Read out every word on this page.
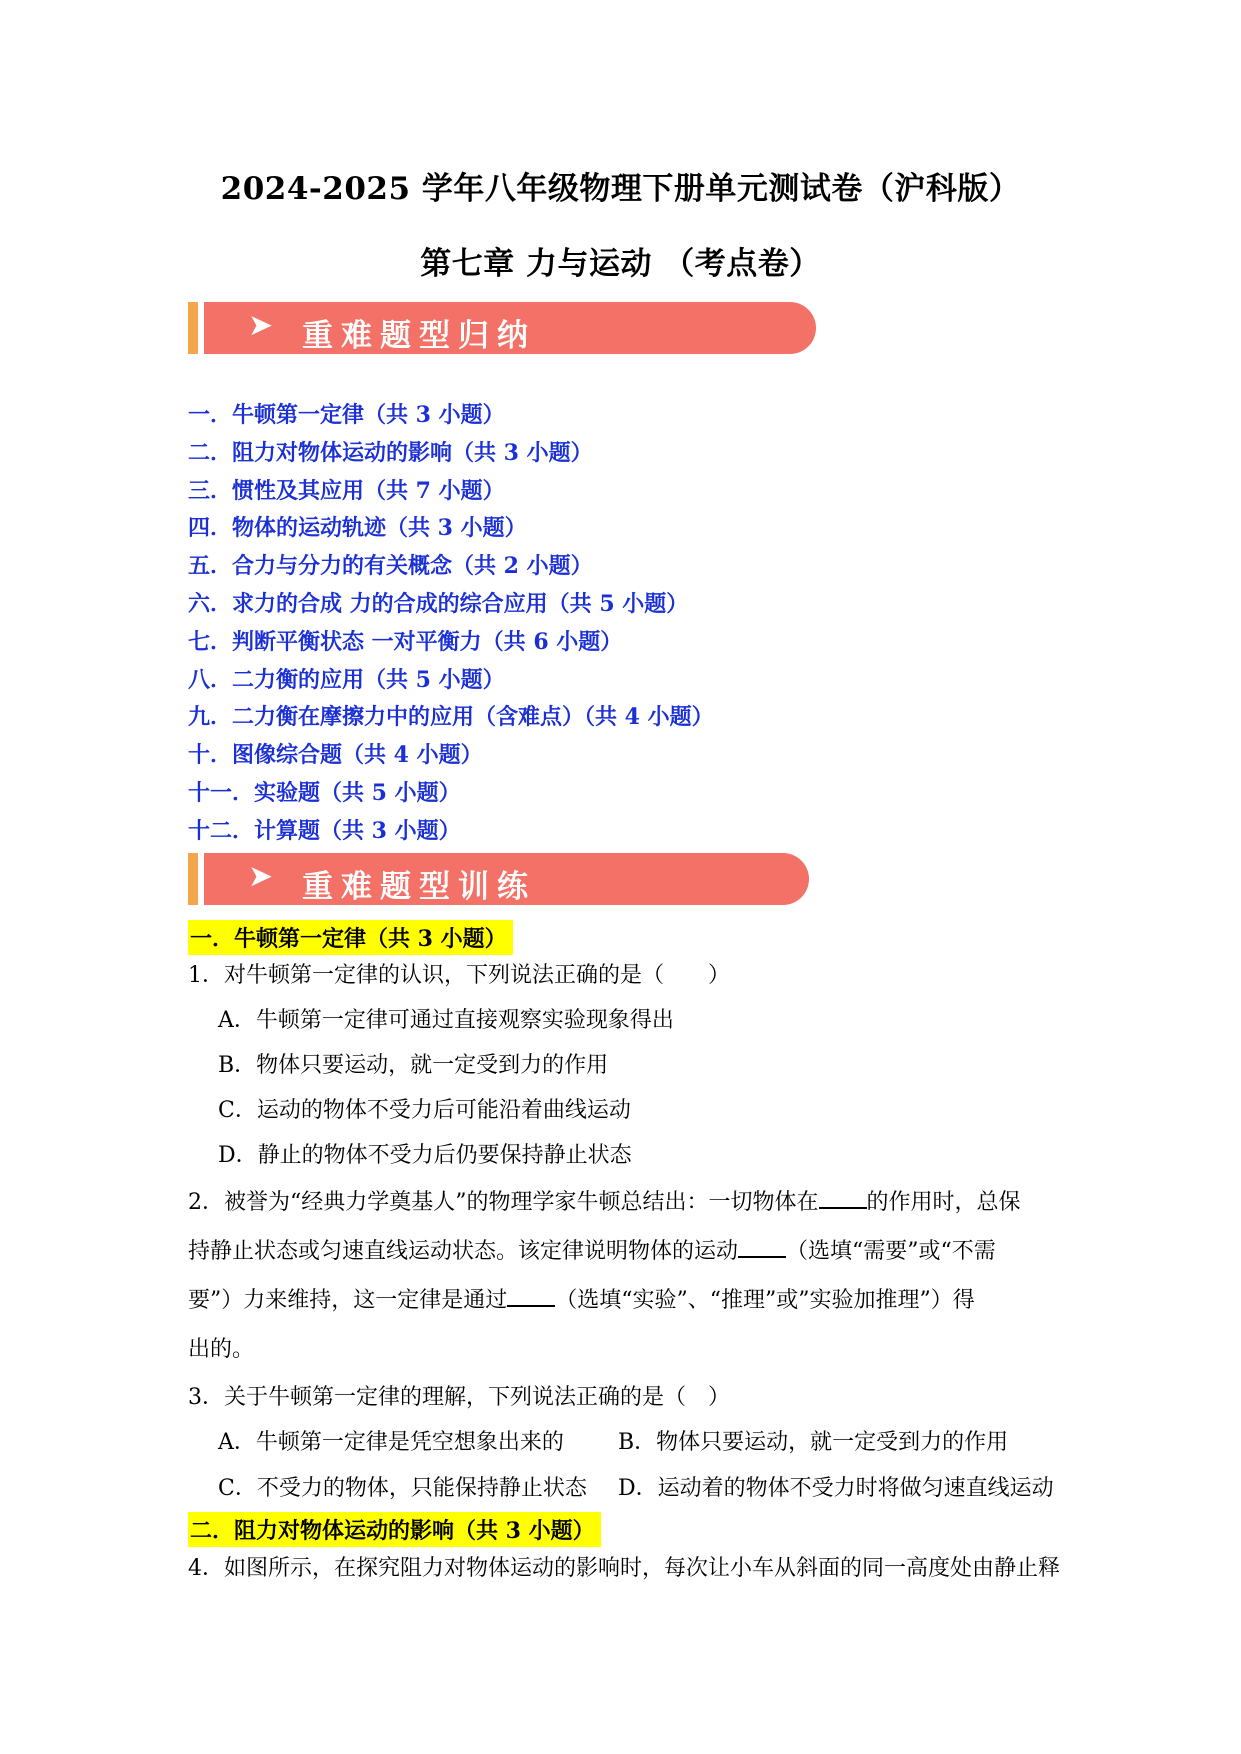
2024-2025 学年八年级物理下册单元测试卷（沪科版）
第七章 力与运动 （考点卷）
➤ 重难题型归纳
一．牛顿第一定律（共 3 小题）
二．阻力对物体运动的影响（共 3 小题）
三．惯性及其应用（共 7 小题）
四．物体的运动轨迹（共 3 小题）
五．合力与分力的有关概念（共 2 小题）
六．求力的合成 力的合成的综合应用（共 5 小题）
七．判断平衡状态 一对平衡力（共 6 小题）
八．二力衡的应用（共 5 小题）
九．二力衡在摩擦力中的应用（含难点）（共 4 小题）
十．图像综合题（共 4 小题）
十一．实验题（共 5 小题）
十二．计算题（共 3 小题）
➤ 重难题型训练
一．牛顿第一定律（共 3 小题）
1．对牛顿第一定律的认识，下列说法正确的是（　　）
A．牛顿第一定律可通过直接观察实验现象得出
B．物体只要运动，就一定受到力的作用
C．运动的物体不受力后可能沿着曲线运动
D．静止的物体不受力后仍要保持静止状态
2．被誉为“经典力学奠基人”的物理学家牛顿总结出：一切物体在 的作用时，总保
持静止状态或匀速直线运动状态。该定律说明物体的运动 （选填“需要”或“不需
要”）力来维持，这一定律是通过 （选填“实验”、“推理”或”实验加推理”）得
出的。
3．关于牛顿第一定律的理解，下列说法正确的是（　）
A．牛顿第一定律是凭空想象出来的 B．物体只要运动，就一定受到力的作用
C．不受力的物体，只能保持静止状态 D．运动着的物体不受力时将做匀速直线运动
二．阻力对物体运动的影响（共 3 小题）
4．如图所示，在探究阻力对物体运动的影响时，每次让小车从斜面的同一高度处由静止释
